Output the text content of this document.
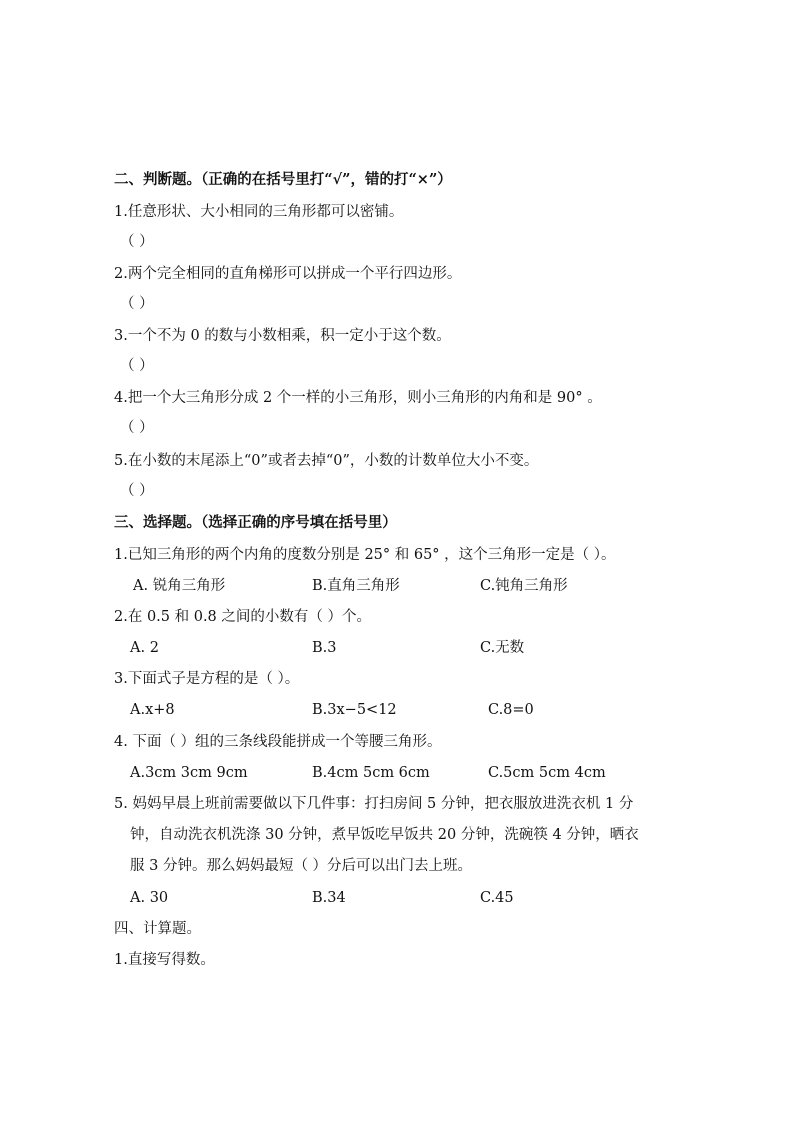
二、判断题。（正确的在括号里打“√”，错的打“×”）
1.任意形状、大小相同的三角形都可以密铺。
（ ）
2.两个完全相同的直角梯形可以拼成一个平行四边形。
（ ）
3.一个不为 0 的数与小数相乘，积一定小于这个数。
（ ）
4.把一个大三角形分成 2 个一样的小三角形，则小三角形的内角和是 90° 。
（ ）
5.在小数的末尾添上“0”或者去掉“0”，小数的计数单位大小不变。
（ ）
三、选择题。（选择正确的序号填在括号里）
1.已知三角形的两个内角的度数分别是 25° 和 65° ，这个三角形一定是（ ）。
A. 锐角三角形	B.直角三角形	C.钝角三角形
2.在 0.5 和 0.8 之间的小数有（ ）个。
A. 2	B.3	C.无数
3.下面式子是方程的是（ ）。
A.x+8	B.3x−5<12	C.8=0
4. 下面（ ）组的三条线段能拼成一个等腰三角形。
A.3cm 3cm 9cm	B.4cm 5cm 6cm	C.5cm 5cm 4cm
5. 妈妈早晨上班前需要做以下几件事：打扫房间 5 分钟，把衣服放进洗衣机 1 分
钟，自动洗衣机洗涤 30 分钟，煮早饭吃早饭共 20 分钟，洗碗筷 4 分钟，晒衣
服 3 分钟。那么妈妈最短（ ）分后可以出门去上班。
A. 30	B.34	C.45
四、计算题。
1.直接写得数。
